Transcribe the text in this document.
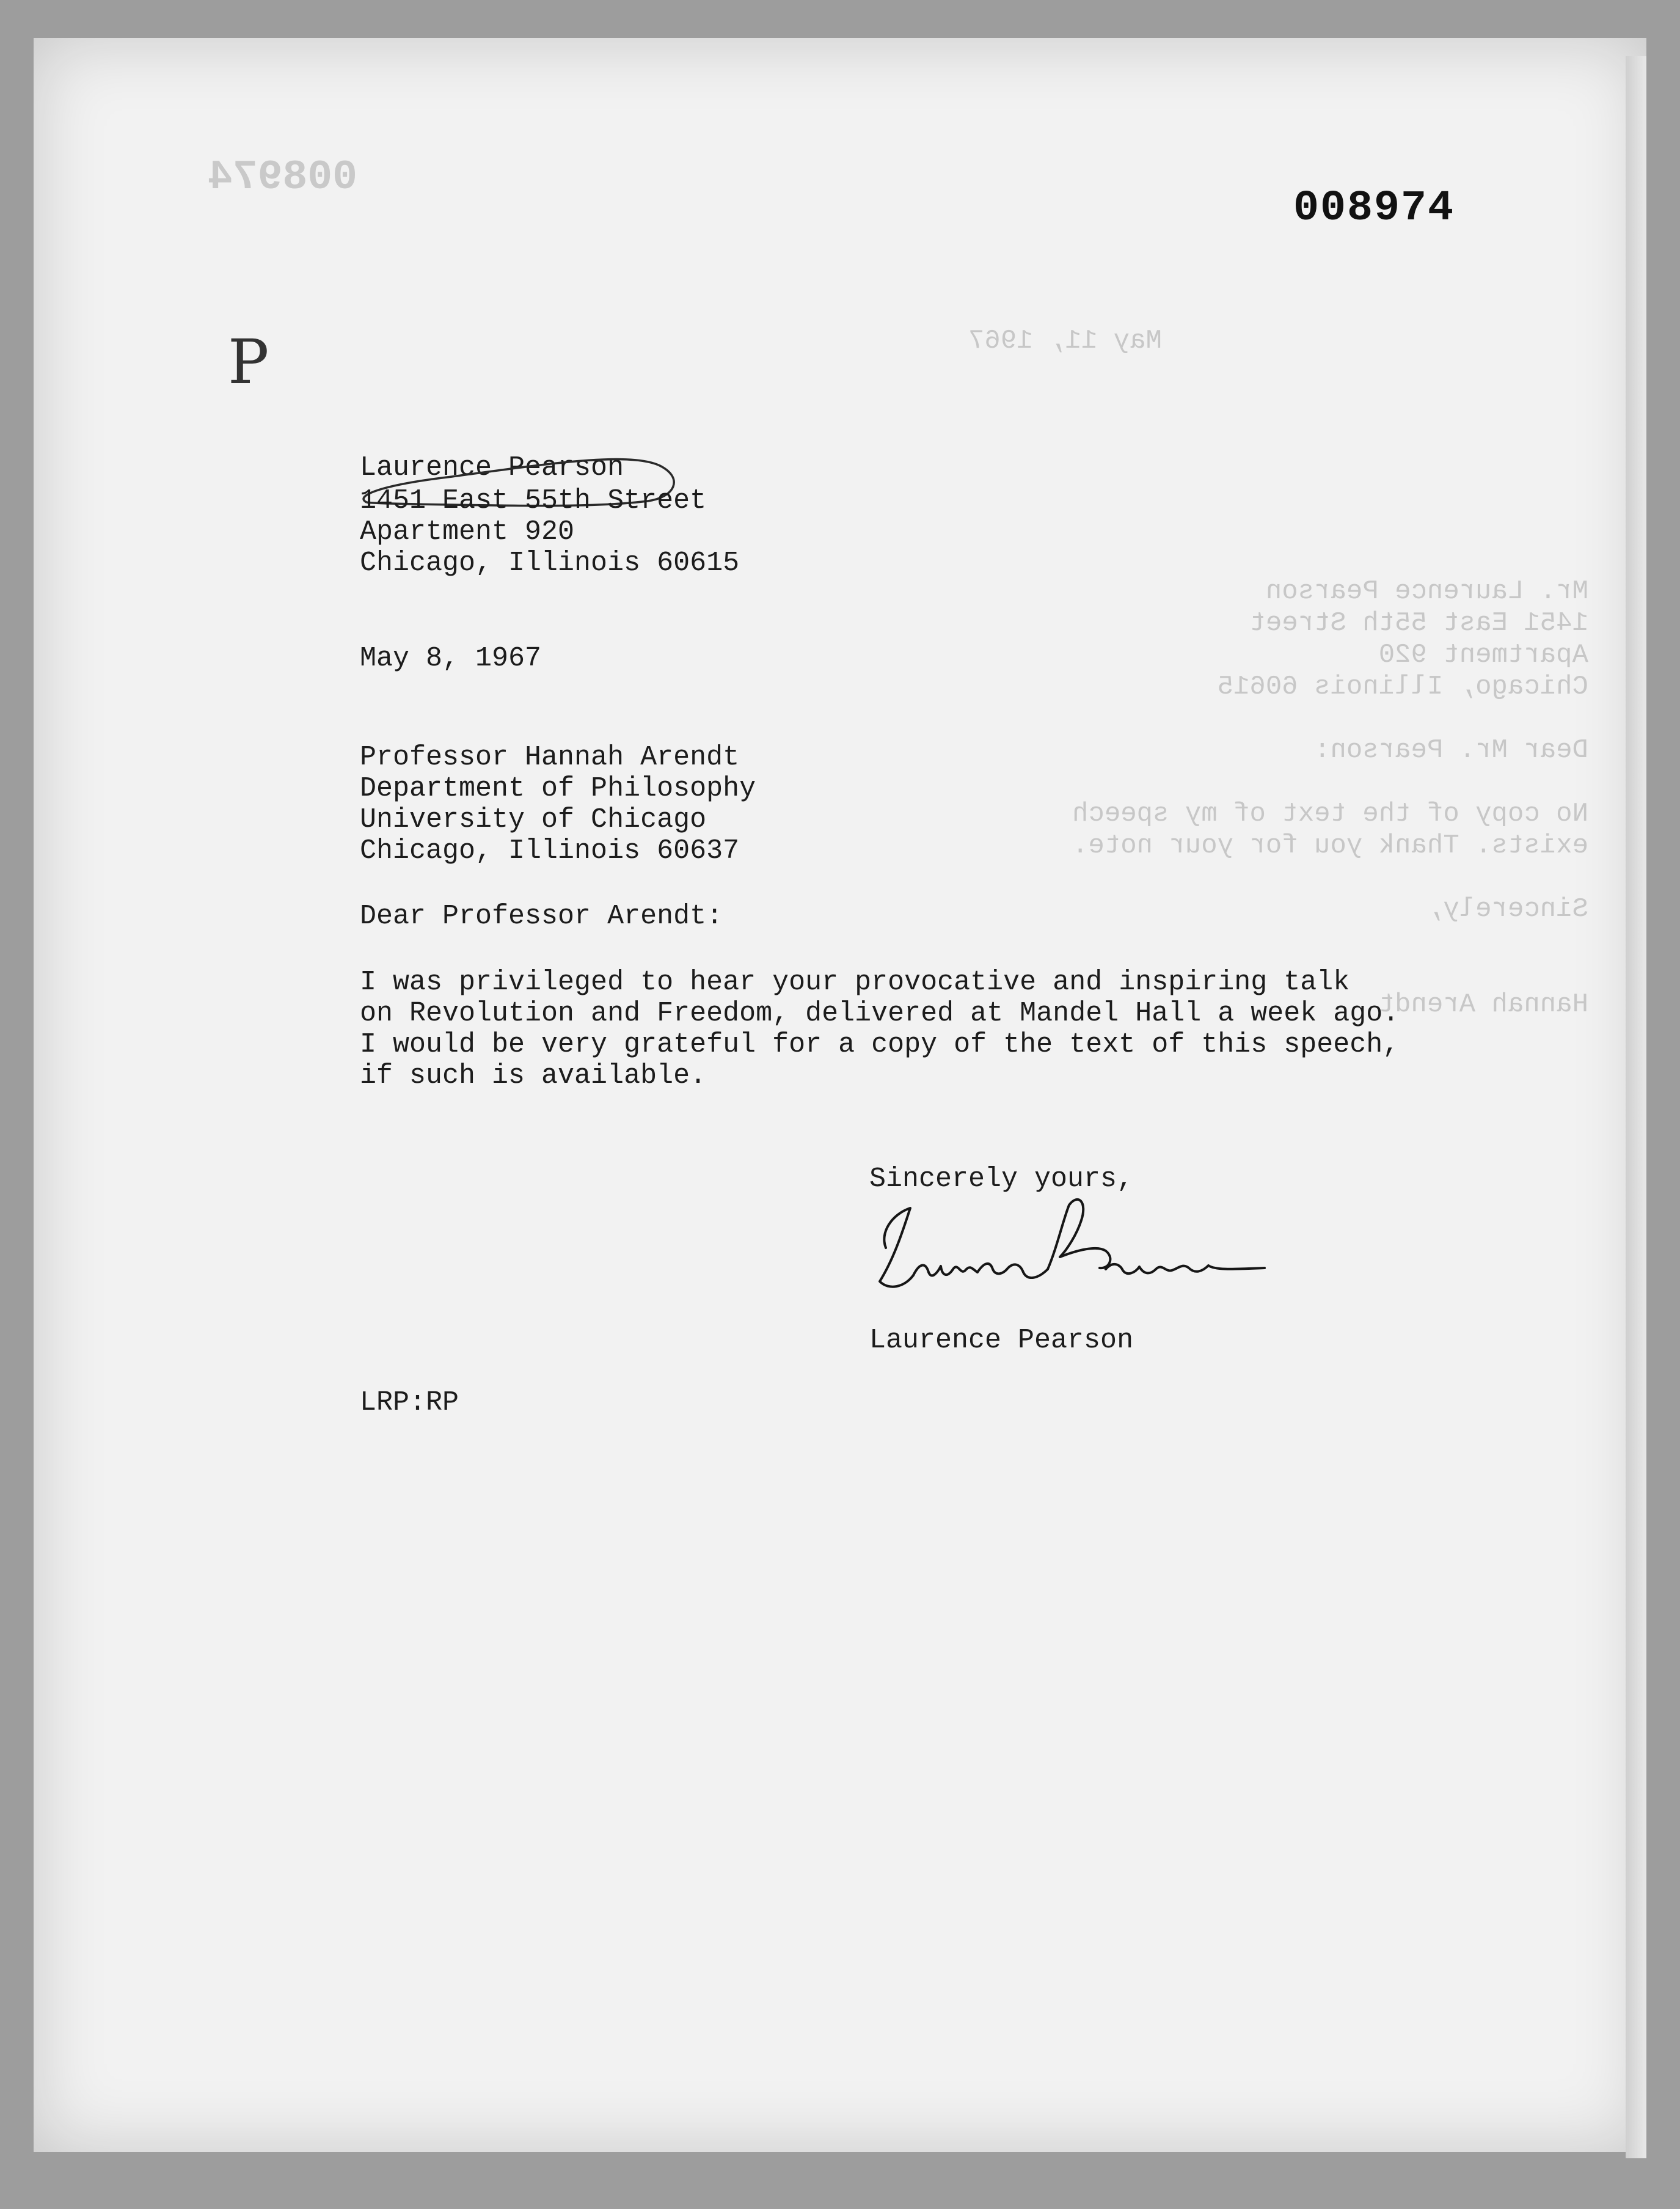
May 11, 1967
Mr. Laurence Pearson
1451 East 55th Street
Apartment 920
Chicago, Illinois 60615

Dear Mr. Pearson:

No copy of the text of my speech
exists. Thank you for your note.

Sincerely,

Hannah Arendt
008974
008974
P
Laurence Pearson
1451 East 55th Street
Apartment 920
Chicago, Illinois 60615
May 8, 1967
Professor Hannah Arendt
Department of Philosophy
University of Chicago
Chicago, Illinois 60637
Dear Professor Arendt:
I was privileged to hear your provocative and inspiring talk
on Revolution and Freedom, delivered at Mandel Hall a week ago.
I would be very grateful for a copy of the text of this speech,
if such is available.
Sincerely yours,
Laurence Pearson
LRP:RP
